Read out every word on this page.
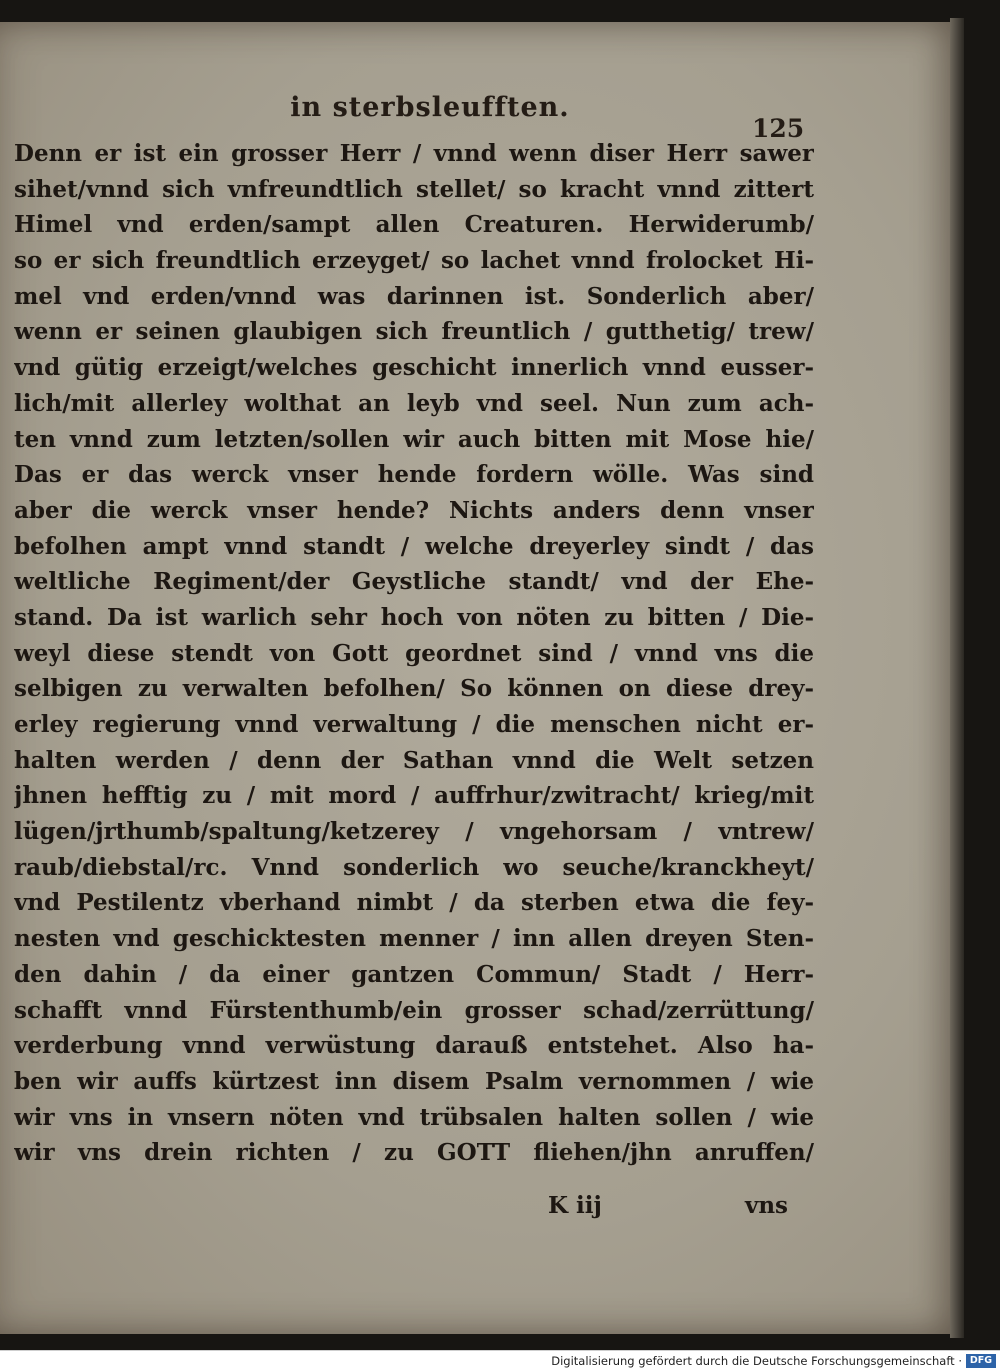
in sterbsleufften.
125
Denn er ist ein grosser Herr / vnnd wenn diser Herr sawer
sihet/vnnd sich vnfreundtlich stellet/ so kracht vnnd zittert
Himel vnd erden/sampt allen Creaturen. Herwiderumb/
so er sich freundtlich erzeyget/ so lachet vnnd frolocket Hi-
mel vnd erden/vnnd was darinnen ist. Sonderlich aber/
wenn er seinen glaubigen sich freuntlich / gutthetig/ trew/
vnd gütig erzeigt/welches geschicht innerlich vnnd eusser-
lich/mit allerley wolthat an leyb vnd seel. Nun zum ach-
ten vnnd zum letzten/sollen wir auch bitten mit Mose hie/
Das er das werck vnser hende fordern wölle. Was sind
aber die werck vnser hende? Nichts anders denn vnser
befolhen ampt vnnd standt / welche dreyerley sindt / das
weltliche Regiment/der Geystliche standt/ vnd der Ehe-
stand. Da ist warlich sehr hoch von nöten zu bitten / Die-
weyl diese stendt von Gott geordnet sind / vnnd vns die
selbigen zu verwalten befolhen/ So können on diese drey-
erley regierung vnnd verwaltung / die menschen nicht er-
halten werden / denn der Sathan vnnd die Welt setzen
jhnen hefftig zu / mit mord / auffrhur/zwitracht/ krieg/mit
lügen/jrthumb/spaltung/ketzerey / vngehorsam / vntrew/
raub/diebstal/rc. Vnnd sonderlich wo seuche/kranckheyt/
vnd Pestilentz vberhand nimbt / da sterben etwa die fey-
nesten vnd geschicktesten menner / inn allen dreyen Sten-
den dahin / da einer gantzen Commun/ Stadt / Herr-
schafft vnnd Fürstenthumb/ein grosser schad/zerrüttung/
verderbung vnnd verwüstung darauß entstehet. Also ha-
ben wir auffs kürtzest inn disem Psalm vernommen / wie
wir vns in vnsern nöten vnd trübsalen halten sollen / wie
wir vns drein richten / zu GOTT fliehen/jhn anruffen/
K iij	vns
Digitalisierung gefördert durch die Deutsche Forschungsgemeinschaft · DFG
